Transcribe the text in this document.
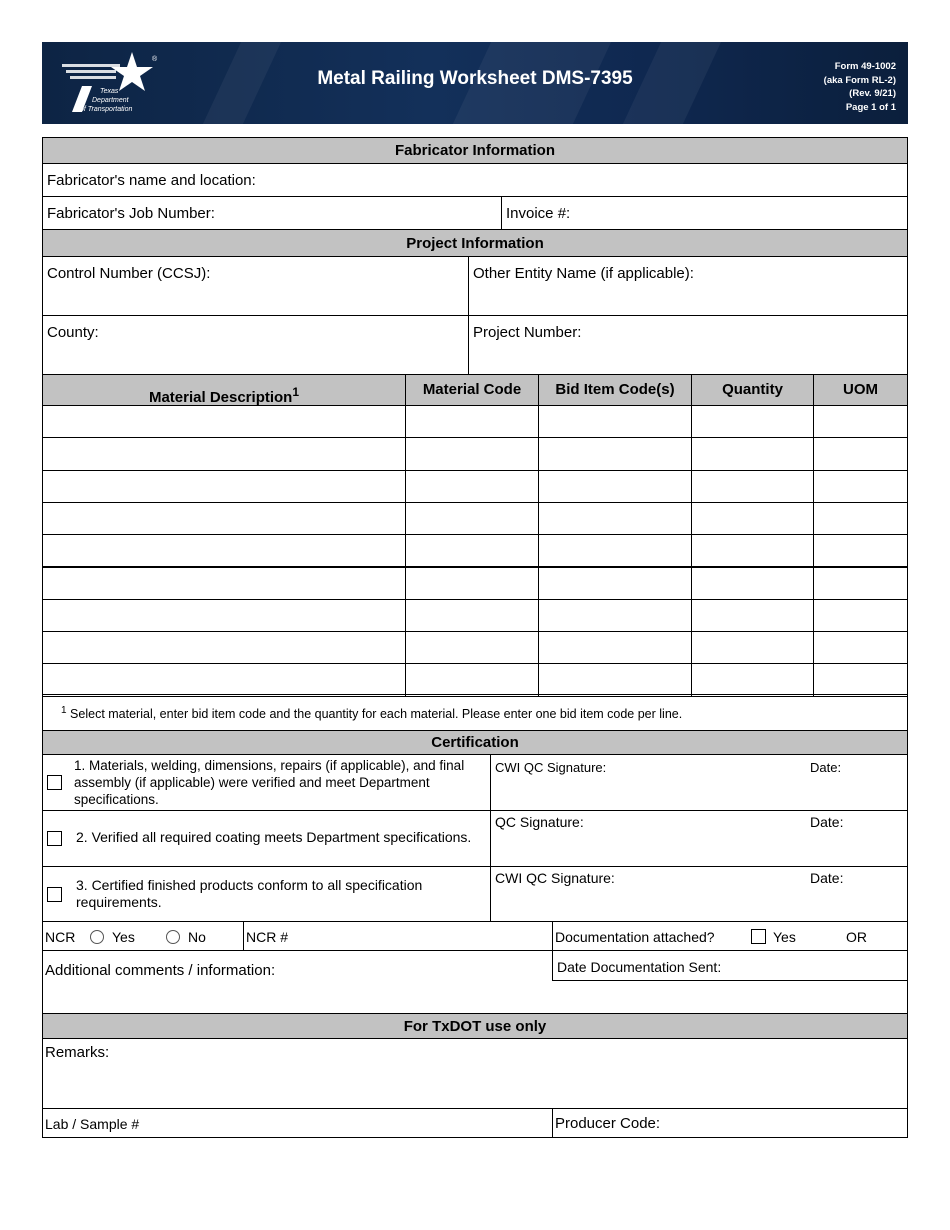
Texas
Department
of Transportation
®
Metal Railing Worksheet DMS-7395
Form 49-1002
(aka Form RL-2)
(Rev. 9/21)
Page 1 of 1
Fabricator Information
Fabricator's name and location:
Fabricator's Job Number:	Invoice #:
Project Information
Control Number (CCSJ):	Other Entity Name (if applicable):
County:	Project Number:
Material Description$^1$	Material Code	Bid Item Code(s)	Quantity	UOM
$^1$ Select material, enter bid item code and the quantity for each material. Please enter one bid item code per line.
Certification
1. Materials, welding, dimensions, repairs (if applicable), and final assembly (if applicable) were verified and meet Department specifications.
CWI QC Signature:	Date:
2. Verified all required coating meets Department specifications.
QC Signature:	Date:
3. Certified finished products conform to all specification requirements.
CWI QC Signature:	Date:
NCR	Yes	No	NCR #	Documentation attached?	Yes	OR
Additional comments / information:	Date Documentation Sent:
For TxDOT use only
Remarks:
Lab / Sample #	Producer Code:
